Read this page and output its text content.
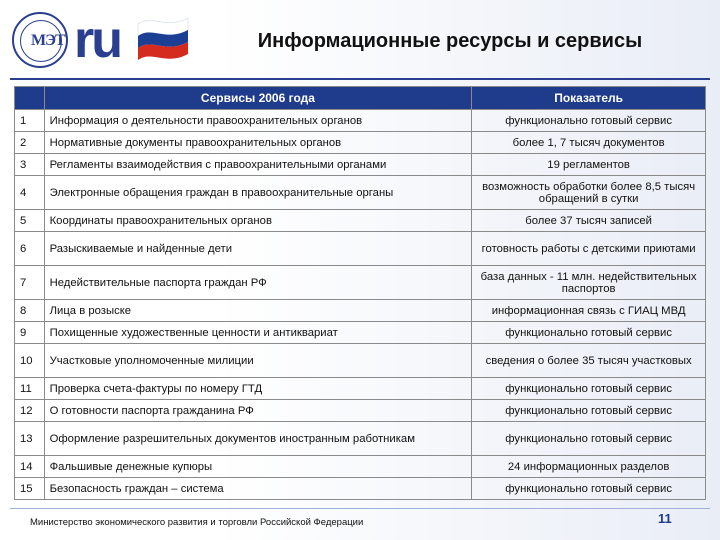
МЭТ ru	Информационные ресурсы и сервисы
	Сервисы 2006 года	Показатель
1	Информация о деятельности правоохранительных органов	функционально готовый сервис
2	Нормативные документы правоохранительных органов	более 1, 7 тысяч документов
3	Регламенты взаимодействия с правоохранительными органами	19 регламентов
4	Электронные обращения граждан в правоохранительные органы	возможность обработки более 8,5 тысяч обращений в сутки
5	Координаты правоохранительных органов	более 37 тысяч записей
6	Разыскиваемые и найденные дети	готовность работы с детскими приютами
7	Недействительные паспорта граждан РФ	база данных - 11 млн. недействительных паспортов
8	Лица в розыске	информационная связь с ГИАЦ МВД
9	Похищенные художественные ценности и антиквариат	функционально готовый сервис
10	Участковые уполномоченные милиции	сведения о более 35 тысяч участковых
11	Проверка счета-фактуры по номеру ГТД	функционально готовый сервис
12	О готовности паспорта гражданина РФ	функционально готовый сервис
13	Оформление разрешительных документов иностранным работникам	функционально готовый сервис
14	Фальшивые денежные купюры	24 информационных разделов
15	Безопасность граждан – система	функционально готовый сервис
Министерство экономического развития и торговли Российской Федерации	11
